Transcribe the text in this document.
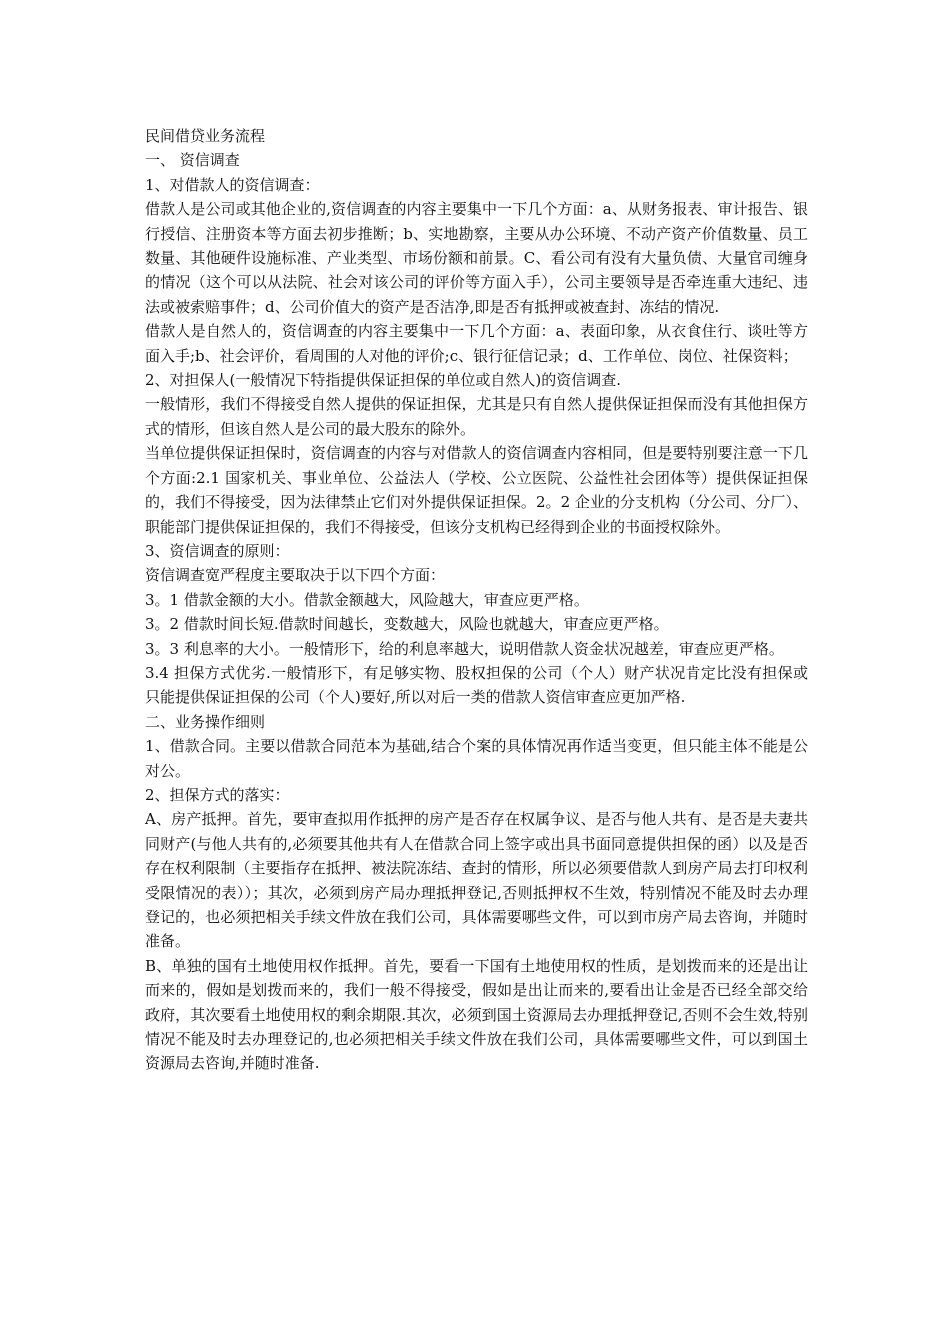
民间借贷业务流程

一、 资信调查

1、对借款人的资信调查：

借款人是公司或其他企业的,资信调查的内容主要集中一下几个方面：a、从财务报表、审计报告、银行授信、注册资本等方面去初步推断；b、实地勘察，主要从办公环境、不动产资产价值数量、员工数量、其他硬件设施标准、产业类型、市场份额和前景。C、看公司有没有大量负债、大量官司缠身的情况（这个可以从法院、社会对该公司的评价等方面入手），公司主要领导是否牵连重大违纪、违法或被索赔事件；d、公司价值大的资产是否洁净,即是否有抵押或被查封、冻结的情况.

借款人是自然人的，资信调查的内容主要集中一下几个方面：a、表面印象，从衣食住行、谈吐等方面入手;b、社会评价，看周围的人对他的评价;c、银行征信记录；d、工作单位、岗位、社保资料；

2、对担保人(一般情况下特指提供保证担保的单位或自然人)的资信调查.

一般情形，我们不得接受自然人提供的保证担保，尤其是只有自然人提供保证担保而没有其他担保方式的情形，但该自然人是公司的最大股东的除外。

当单位提供保证担保时，资信调查的内容与对借款人的资信调查内容相同，但是要特别要注意一下几个方面:2.1 国家机关、事业单位、公益法人（学校、公立医院、公益性社会团体等）提供保证担保的，我们不得接受，因为法律禁止它们对外提供保证担保。2。2 企业的分支机构（分公司、分厂）、职能部门提供保证担保的，我们不得接受，但该分支机构已经得到企业的书面授权除外。

3、资信调查的原则：

资信调查宽严程度主要取决于以下四个方面：

3。1 借款金额的大小。借款金额越大，风险越大，审查应更严格。

3。2 借款时间长短.借款时间越长，变数越大，风险也就越大，审查应更严格。

3。3 利息率的大小。一般情形下，给的利息率越大，说明借款人资金状况越差，审查应更严格。

3.4 担保方式优劣.一般情形下，有足够实物、股权担保的公司（个人）财产状况肯定比没有担保或只能提供保证担保的公司（个人)要好,所以对后一类的借款人资信审查应更加严格.

二、业务操作细则

1、借款合同。主要以借款合同范本为基础,结合个案的具体情况再作适当变更，但只能主体不能是公对公。

2、担保方式的落实：

A、房产抵押。首先，要审查拟用作抵押的房产是否存在权属争议、是否与他人共有、是否是夫妻共同财产(与他人共有的,必须要其他共有人在借款合同上签字或出具书面同意提供担保的函）以及是否存在权利限制（主要指存在抵押、被法院冻结、查封的情形，所以必须要借款人到房产局去打印权利受限情况的表））；其次，必须到房产局办理抵押登记,否则抵押权不生效，特别情况不能及时去办理登记的，也必须把相关手续文件放在我们公司，具体需要哪些文件，可以到市房产局去咨询，并随时准备。

B、单独的国有土地使用权作抵押。首先，要看一下国有土地使用权的性质，是划拨而来的还是出让而来的，假如是划拨而来的，我们一般不得接受，假如是出让而来的,要看出让金是否已经全部交给政府，其次要看土地使用权的剩余期限.其次，必须到国土资源局去办理抵押登记,否则不会生效,特别情况不能及时去办理登记的,也必须把相关手续文件放在我们公司，具体需要哪些文件，可以到国土资源局去咨询,并随时准备.
